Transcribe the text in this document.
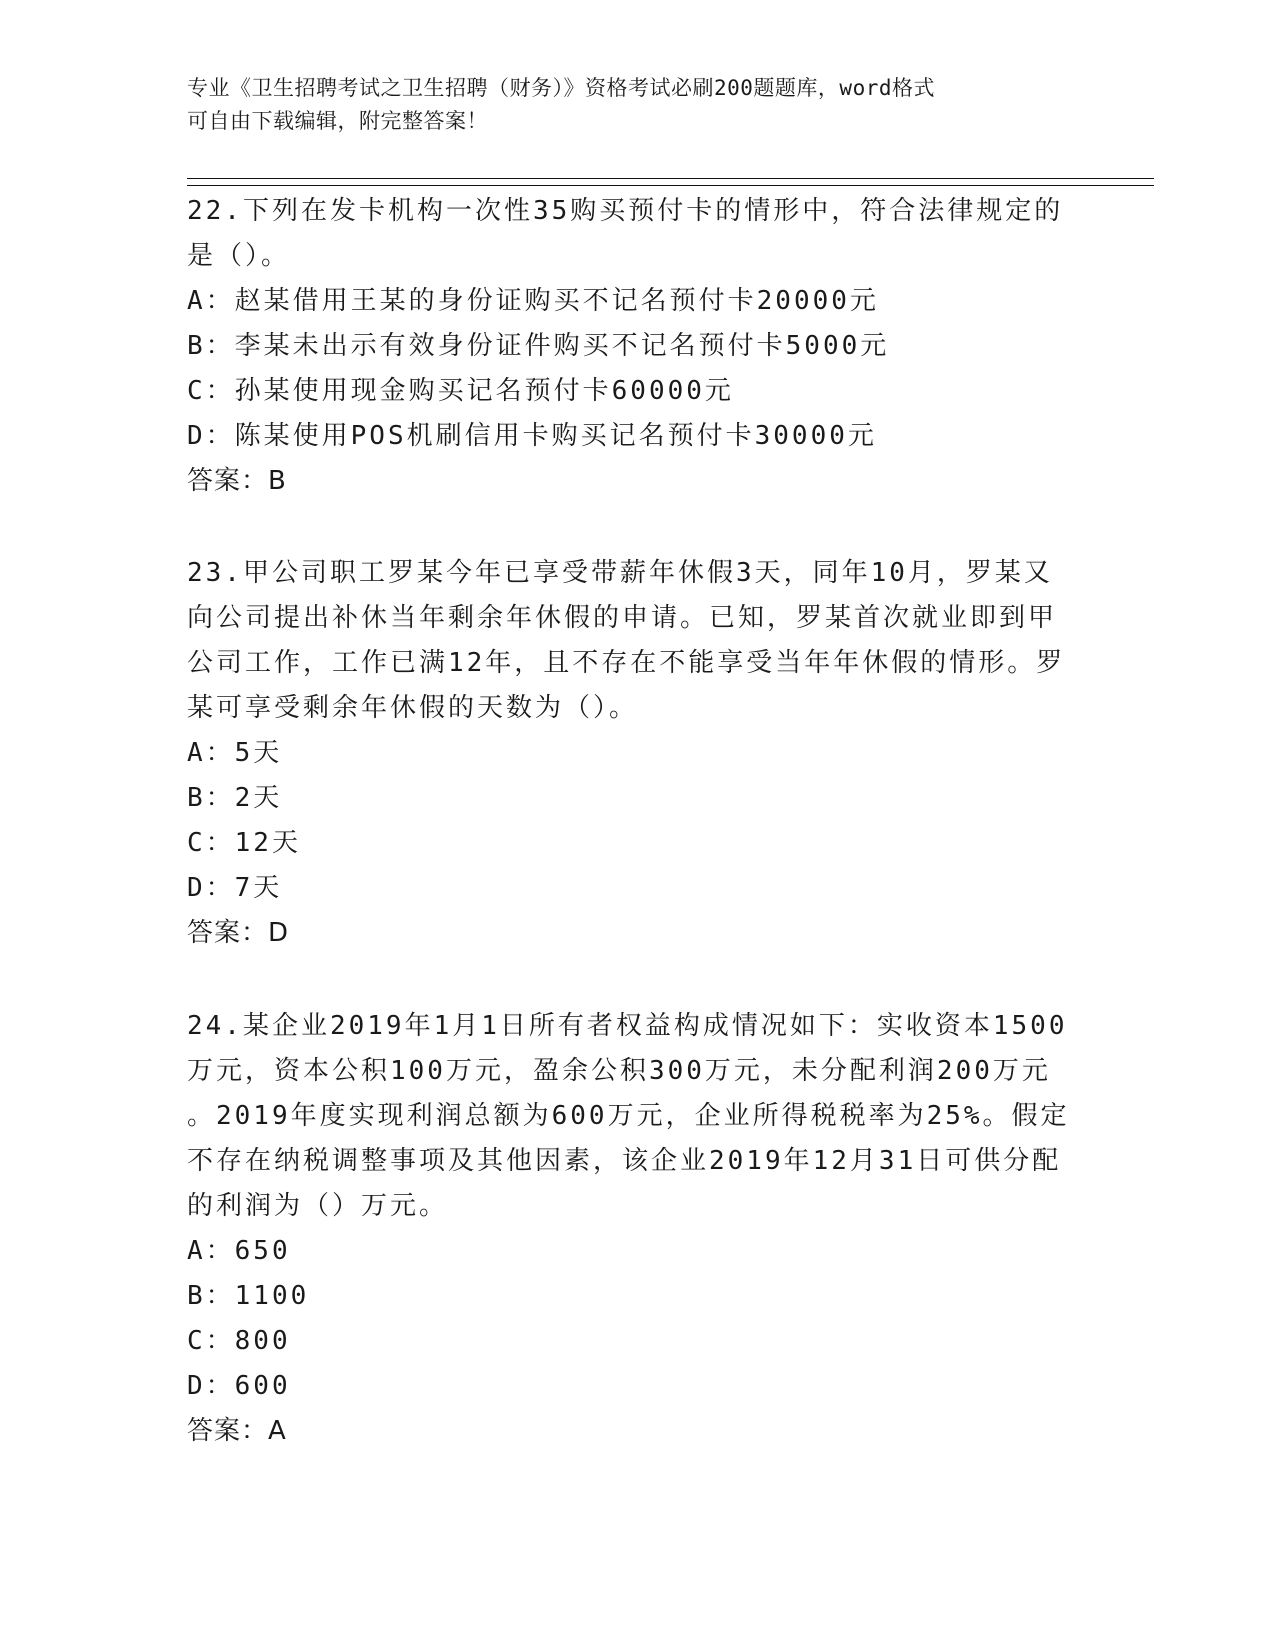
专业《卫生招聘考试之卫生招聘（财务）》资格考试必刷200题题库，word格式
可自由下载编辑，附完整答案！
22.下列在发卡机构一次性35购买预付卡的情形中，符合法律规定的
是（）。
A：赵某借用王某的身份证购买不记名预付卡20000元
B：李某未出示有效身份证件购买不记名预付卡5000元
C：孙某使用现金购买记名预付卡60000元
D：陈某使用POS机刷信用卡购买记名预付卡30000元
答案：B
23.甲公司职工罗某今年已享受带薪年休假3天，同年10月，罗某又
向公司提出补休当年剩余年休假的申请。已知，罗某首次就业即到甲
公司工作，工作已满12年，且不存在不能享受当年年休假的情形。罗
某可享受剩余年休假的天数为（）。
A：5天
B：2天
C：12天
D：7天
答案：D
24.某企业2019年1月1日所有者权益构成情况如下：实收资本1500
万元，资本公积100万元，盈余公积300万元，未分配利润200万元
。2019年度实现利润总额为600万元，企业所得税税率为25%。假定
不存在纳税调整事项及其他因素，该企业2019年12月31日可供分配
的利润为（）万元。
A：650
B：1100
C：800
D：600
答案：A
